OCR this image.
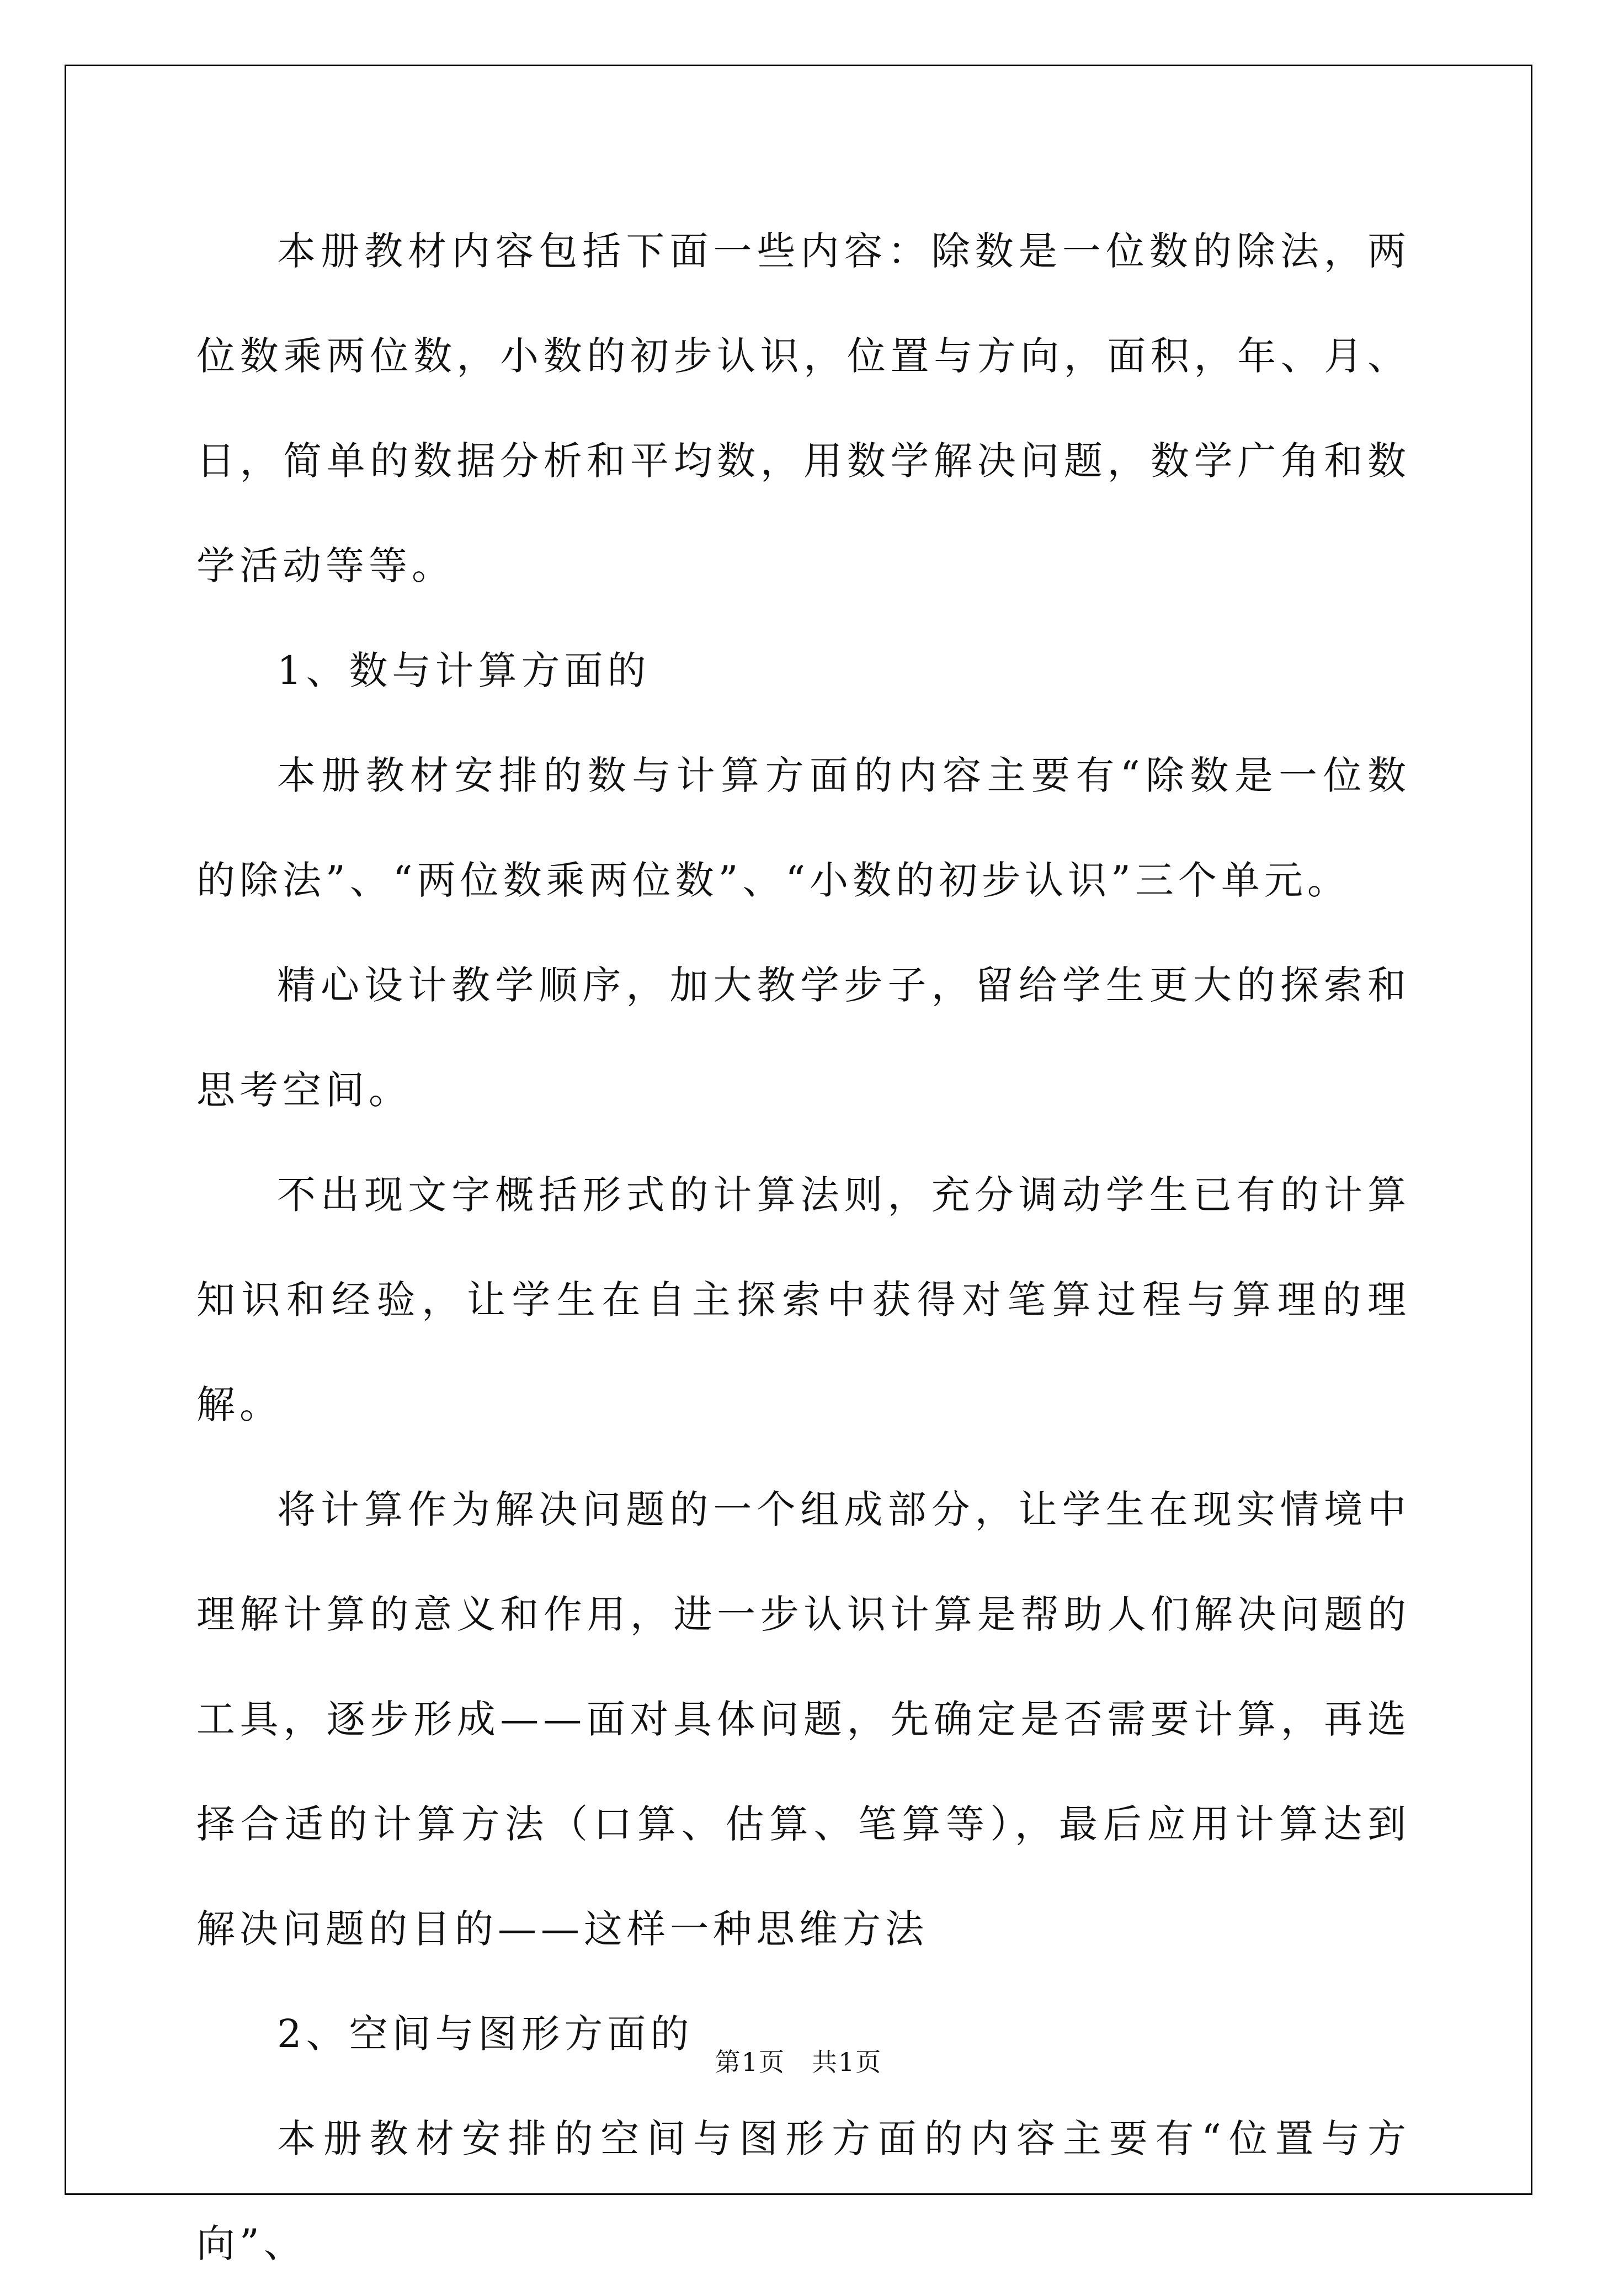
本册教材内容包括下面一些内容：除数是一位数的除法，两位数乘两位数，小数的初步认识，位置与方向，面积，年、月、日，简单的数据分析和平均数，用数学解决问题，数学广角和数学活动等等。

1、数与计算方面的

本册教材安排的数与计算方面的内容主要有“除数是一位数的除法”、“两位数乘两位数”、“小数的初步认识”三个单元。

精心设计教学顺序，加大教学步子，留给学生更大的探索和思考空间。

不出现文字概括形式的计算法则，充分调动学生已有的计算知识和经验，让学生在自主探索中获得对笔算过程与算理的理解。

将计算作为解决问题的一个组成部分，让学生在现实情境中理解计算的意义和作用，进一步认识计算是帮助人们解决问题的工具，逐步形成——面对具体问题，先确定是否需要计算，再选择合适的计算方法（口算、估算、笔算等），最后应用计算达到解决问题的目的——这样一种思维方法

2、空间与图形方面的

本册教材安排的空间与图形方面的内容主要有“位置与方向”、

第1页　共1页
